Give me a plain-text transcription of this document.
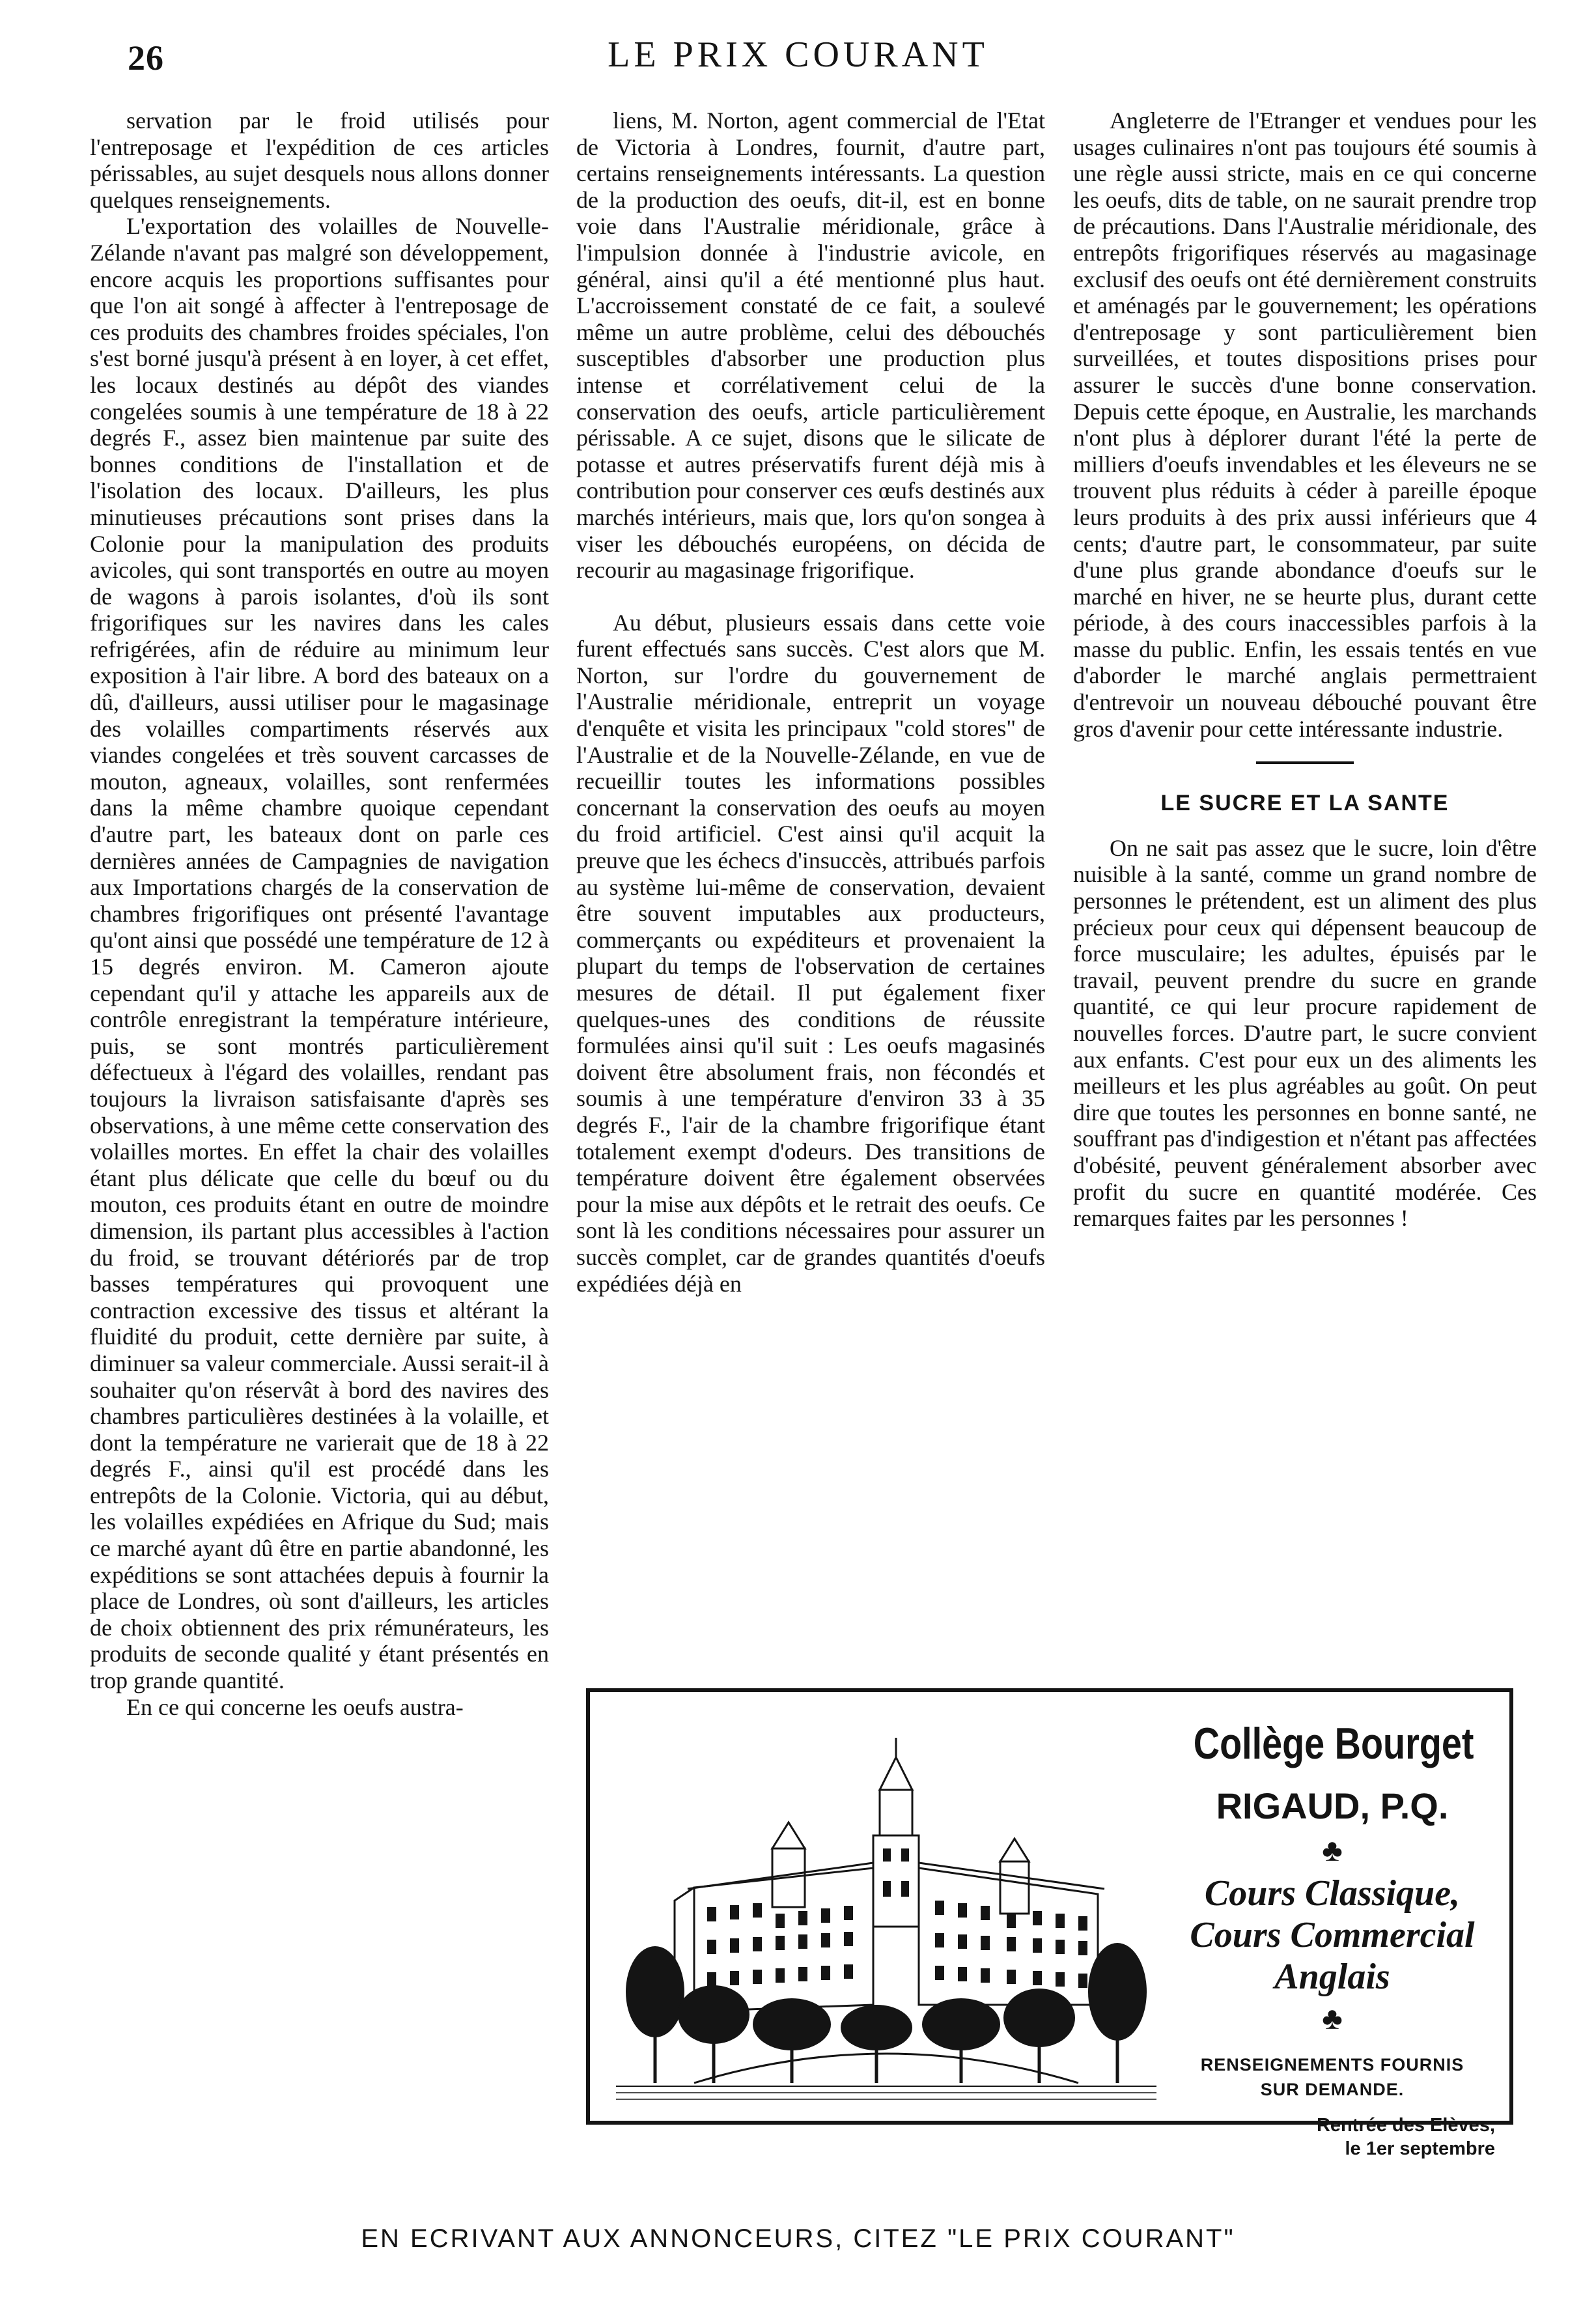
26	LE PRIX COURANT

servation par le froid utilisés pour l'entreposage et l'expédition de ces articles périssables, au sujet desquels nous allons donner quelques renseignements.

L'exportation des volailles de Nouvelle-Zélande n'avant pas malgré son développement, encore acquis les proportions suffisantes pour que l'on ait songé à affecter à l'entreposage de ces produits des chambres froides spéciales, l'on s'est borné jusqu'à présent à en loyer, à cet effet, les locaux destinés au dépôt des viandes congelées soumis à une température de 18 à 22 degrés F., assez bien maintenue par suite des bonnes conditions de l'installation et de l'isolation des locaux. D'ailleurs, les plus minutieuses précautions sont prises dans la Colonie pour la manipulation des produits avicoles, qui sont transportés en outre au moyen de wagons à parois isolantes, d'où ils sont frigorifiques sur les navires dans les cales refrigérées, afin de réduire au minimum leur exposition à l'air libre. A bord des bateaux on a dû, d'ailleurs, aussi utiliser pour le magasinage des volailles compartiments réservés aux viandes congelées et très souvent carcasses de mouton, agneaux, volailles, sont renfermées dans la même chambre quoique cependant d'autre part, les bateaux dont on parle ces dernières années de Campagnies de navigation aux Importations chargés de la conservation de chambres frigorifiques ont présenté l'avantage qu'ont ainsi que possédé une température de 12 à 15 degrés environ. M. Cameron ajoute cependant qu'il y attache les appareils aux de contrôle enregistrant la température intérieure, puis, se sont montrés particulièrement défectueux à l'égard des volailles, rendant pas toujours la livraison satisfaisante d'après ses observations, à une même cette conservation des volailles mortes. En effet la chair des volailles étant plus délicate que celle du bœuf ou du mouton, ces produits étant en outre de moindre dimension, ils partant plus accessibles à l'action du froid, se trouvant détériorés par de trop basses températures qui provoquent une contraction excessive des tissus et altérant la fluidité du produit, cette dernière par suite, à diminuer sa valeur commerciale. Aussi serait-il à souhaiter qu'on réservât à bord des navires des chambres particulières destinées à la volaille, et dont la température ne varierait que de 18 à 22 degrés F., ainsi qu'il est procédé dans les entrepôts de la Colonie. Victoria, qui au début, les volailles expédiées en Afrique du Sud; mais ce marché ayant dû être en partie abandonné, les expéditions se sont attachées depuis à fournir la place de Londres, où sont d'ailleurs, les articles de choix obtiennent des prix rémunérateurs, les produits de seconde qualité y étant présentés en trop grande quantité.

En ce qui concerne les oeufs austra-

liens, M. Norton, agent commercial de l'Etat de Victoria à Londres, fournit, d'autre part, certains renseignements intéressants. La question de la production des oeufs, dit-il, est en bonne voie dans l'Australie méridionale, grâce à l'impulsion donnée à l'industrie avicole, en général, ainsi qu'il a été mentionné plus haut. L'accroissement constaté de ce fait, a soulevé même un autre problème, celui des débouchés susceptibles d'absorber une production plus intense et corrélativement celui de la conservation des oeufs, article particulièrement périssable. A ce sujet, disons que le silicate de potasse et autres préservatifs furent déjà mis à contribution pour conserver ces œufs destinés aux marchés intérieurs, mais que, lors qu'on songea à viser les débouchés européens, on décida de recourir au magasinage frigorifique.

Au début, plusieurs essais dans cette voie furent effectués sans succès. C'est alors que M. Norton, sur l'ordre du gouvernement de l'Australie méridionale, entreprit un voyage d'enquête et visita les principaux "cold stores" de l'Australie et de la Nouvelle-Zélande, en vue de recueillir toutes les informations possibles concernant la conservation des oeufs au moyen du froid artificiel. C'est ainsi qu'il acquit la preuve que les échecs d'insuccès, attribués parfois au système lui-même de conservation, devaient être souvent imputables aux producteurs, commerçants ou expéditeurs et provenaient la plupart du temps de l'observation de certaines mesures de détail. Il put également fixer quelques-unes des conditions de réussite formulées ainsi qu'il suit : Les oeufs magasinés doivent être absolument frais, non fécondés et soumis à une température d'environ 33 à 35 degrés F., l'air de la chambre frigorifique étant totalement exempt d'odeurs. Des transitions de température doivent être également observées pour la mise aux dépôts et le retrait des oeufs. Ce sont là les conditions nécessaires pour assurer un succès complet, car de grandes quantités d'oeufs expédiées déjà en

Angleterre de l'Etranger et vendues pour les usages culinaires n'ont pas toujours été soumis à une règle aussi stricte, mais en ce qui concerne les oeufs, dits de table, on ne saurait prendre trop de précautions. Dans l'Australie méridionale, des entrepôts frigorifiques réservés au magasinage exclusif des oeufs ont été dernièrement construits et aménagés par le gouvernement; les opérations d'entreposage y sont particulièrement bien surveillées, et toutes dispositions prises pour assurer le succès d'une bonne conservation. Depuis cette époque, en Australie, les marchands n'ont plus à déplorer durant l'été la perte de milliers d'oeufs invendables et les éleveurs ne se trouvent plus réduits à céder à pareille époque leurs produits à des prix aussi inférieurs que 4 cents; d'autre part, le consommateur, par suite d'une plus grande abondance d'oeufs sur le marché en hiver, ne se heurte plus, durant cette période, à des cours inaccessibles parfois à la masse du public. Enfin, les essais tentés en vue d'aborder le marché anglais permettraient d'entrevoir un nouveau débouché pouvant être gros d'avenir pour cette intéressante industrie.

LE SUCRE ET LA SANTE

On ne sait pas assez que le sucre, loin d'être nuisible à la santé, comme un grand nombre de personnes le prétendent, est un aliment des plus précieux pour ceux qui dépensent beaucoup de force musculaire; les adultes, épuisés par le travail, peuvent prendre du sucre en grande quantité, ce qui leur procure rapidement de nouvelles forces. D'autre part, le sucre convient aux enfants. C'est pour eux un des aliments les meilleurs et les plus agréables au goût. On peut dire que toutes les personnes en bonne santé, ne souffrant pas d'indigestion et n'étant pas affectées d'obésité, peuvent généralement absorber avec profit du sucre en quantité modérée. Ces remarques faites par les personnes !

Collège Bourget
RIGAUD, P.Q.
♣
Cours Classique,
Cours Commercial
Anglais
♣
RENSEIGNEMENTS FOURNIS
SUR DEMANDE.
Rentrée des Elèves,
le 1er septembre
EN ECRIVANT AUX ANNONCEURS, CITEZ "LE PRIX COURANT"
